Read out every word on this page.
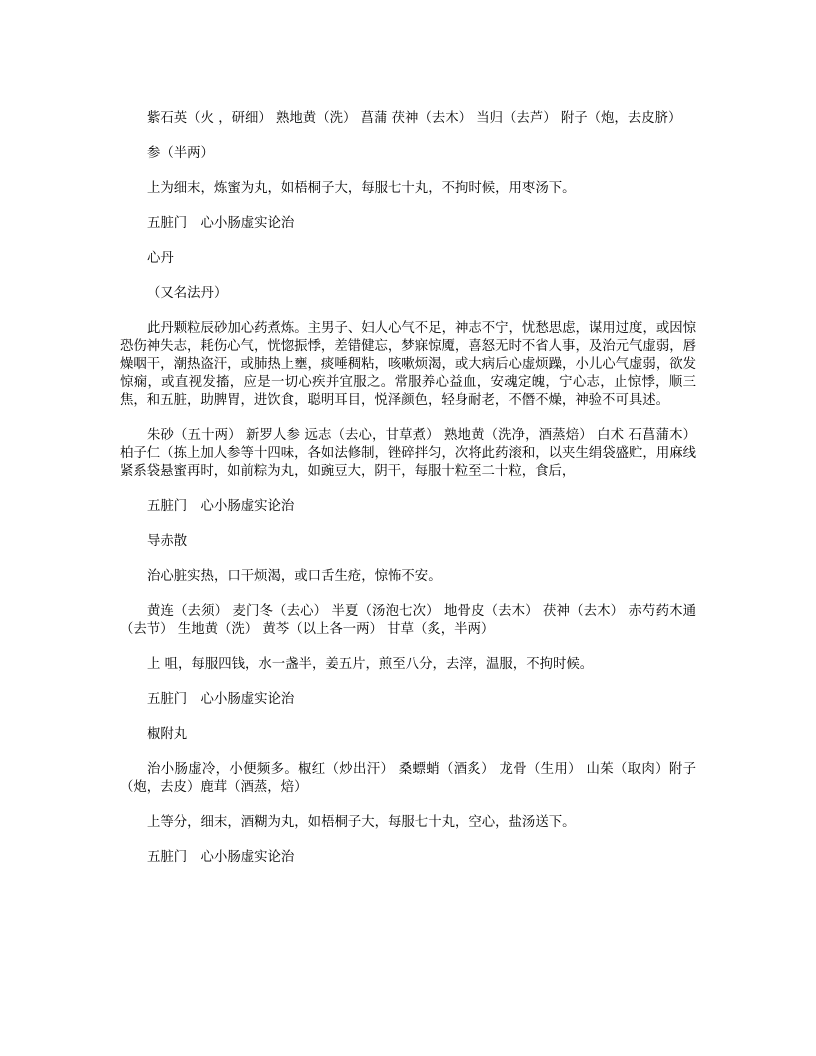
紫石英（火 ，研细） 熟地黄（洗） 菖蒲 茯神（去木） 当归（去芦） 附子（炮，去皮脐）

参（半两）

上为细末，炼蜜为丸，如梧桐子大，每服七十丸，不拘时候，用枣汤下。

五脏门　心小肠虚实论治

心丹

（又名法丹）

此丹颗粒辰砂加心药煮炼。主男子、妇人心气不足，神志不宁，忧愁思虑，谋用过度，或因惊恐伤神失志，耗伤心气，恍惚振悸，差错健忘，梦寐惊魇，喜怒无时不省人事，及治元气虚弱，唇燥咽干，潮热盗汗，或肺热上壅，痰唾稠粘，咳嗽烦渴，或大病后心虚烦躁，小儿心气虚弱，欲发惊痫，或直视发搐，应是一切心疾并宜服之。常服养心益血，安魂定魄，宁心志，止惊悸，顺三焦，和五脏，助脾胃，进饮食，聪明耳目，悦泽颜色，轻身耐老，不僭不燥，神验不可具述。

朱砂（五十两） 新罗人参 远志（去心，甘草煮） 熟地黄（洗净，酒蒸焙） 白术 石菖蒲木） 柏子仁（拣上加人参等十四味，各如法修制，锉碎拌匀，次将此药滚和，以夹生绢袋盛贮，用麻线紧系袋悬蜜再时，如前粽为丸，如豌豆大，阴干，每服十粒至二十粒，食后，

五脏门　心小肠虚实论治

导赤散

治心脏实热，口干烦渴，或口舌生疮，惊怖不安。

黄连（去须） 麦门冬（去心） 半夏（汤泡七次） 地骨皮（去木） 茯神（去木） 赤芍药木通（去节） 生地黄（洗） 黄芩（以上各一两） 甘草（炙，半两）

上 咀，每服四钱，水一盏半，姜五片，煎至八分，去滓，温服，不拘时候。

五脏门　心小肠虚实论治

椒附丸

治小肠虚冷，小便频多。椒红（炒出汗） 桑螵蛸（酒炙） 龙骨（生用） 山茱（取肉）附子（炮，去皮）鹿茸（酒蒸，焙）

上等分，细末，酒糊为丸，如梧桐子大，每服七十丸，空心，盐汤送下。

五脏门　心小肠虚实论治
